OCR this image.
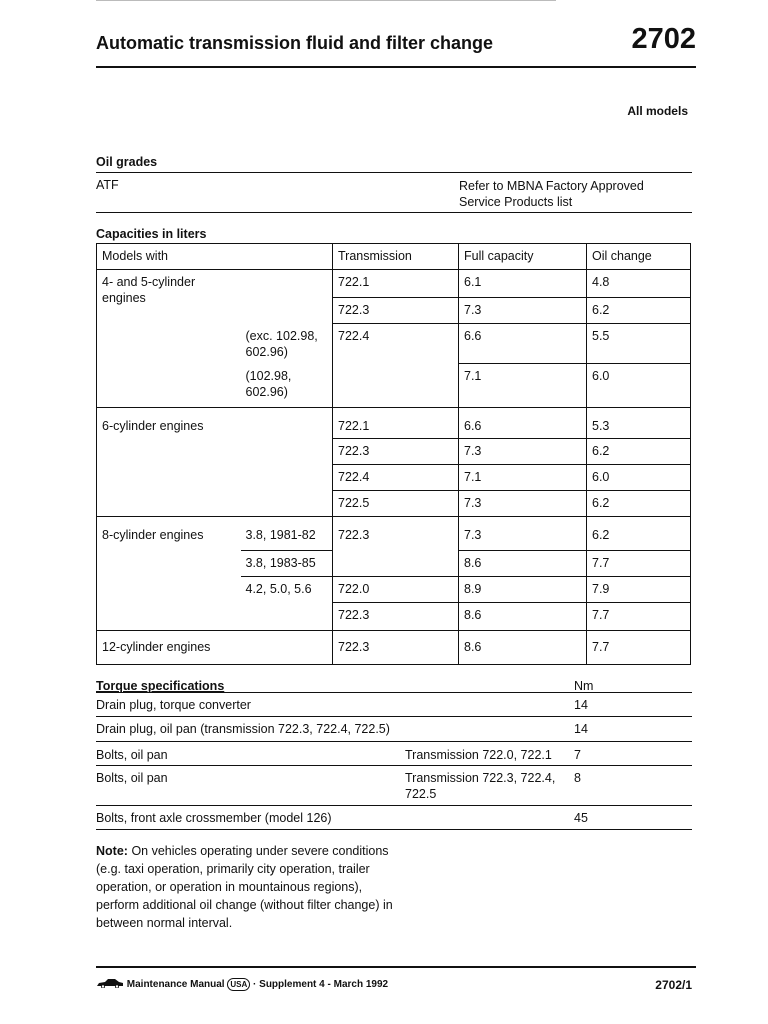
Automatic transmission fluid and filter change	2702
All models
Oil grades
ATF	Refer to MBNA Factory Approved
Service Products list
Capacities in liters
Models with		Transmission	Full capacity	Oil change

4- and 5-cylinder
engines		722.1	6.1	4.8
		722.3	7.3	6.2

	(exc. 102.98,
602.96)	722.4	6.6	5.5

	(102.98,
602.96)		7.1	6.0
6-cylinder engines		722.1	6.6	5.3
		722.3	7.3	6.2
		722.4	7.1	6.0
		722.5	7.3	6.2
8-cylinder engines	3.8, 1981-82	722.3	7.3	6.2
	3.8, 1983-85		8.6	7.7
	4.2, 5.0, 5.6	722.0	8.9	7.9
		722.3	8.6	7.7
12-cylinder engines		722.3	8.6	7.7
Torque specifications	Nm
Drain plug, torque converter	14
Drain plug, oil pan (transmission 722.3, 722.4, 722.5)	14
Bolts, oil pan	Transmission 722.0, 722.1 7
Bolts, oil pan	Transmission 722.3, 722.4,
722.5
8
Bolts, front axle crossmember (model 126)	45
Note: On vehicles operating under severe conditions (e.g. taxi operation, primarily city operation, trailer operation, or operation in mountainous regions), perform additional oil change (without filter change) in between normal interval.
Maintenance Manual USA · Supplement 4 - March 1992	2702/1
